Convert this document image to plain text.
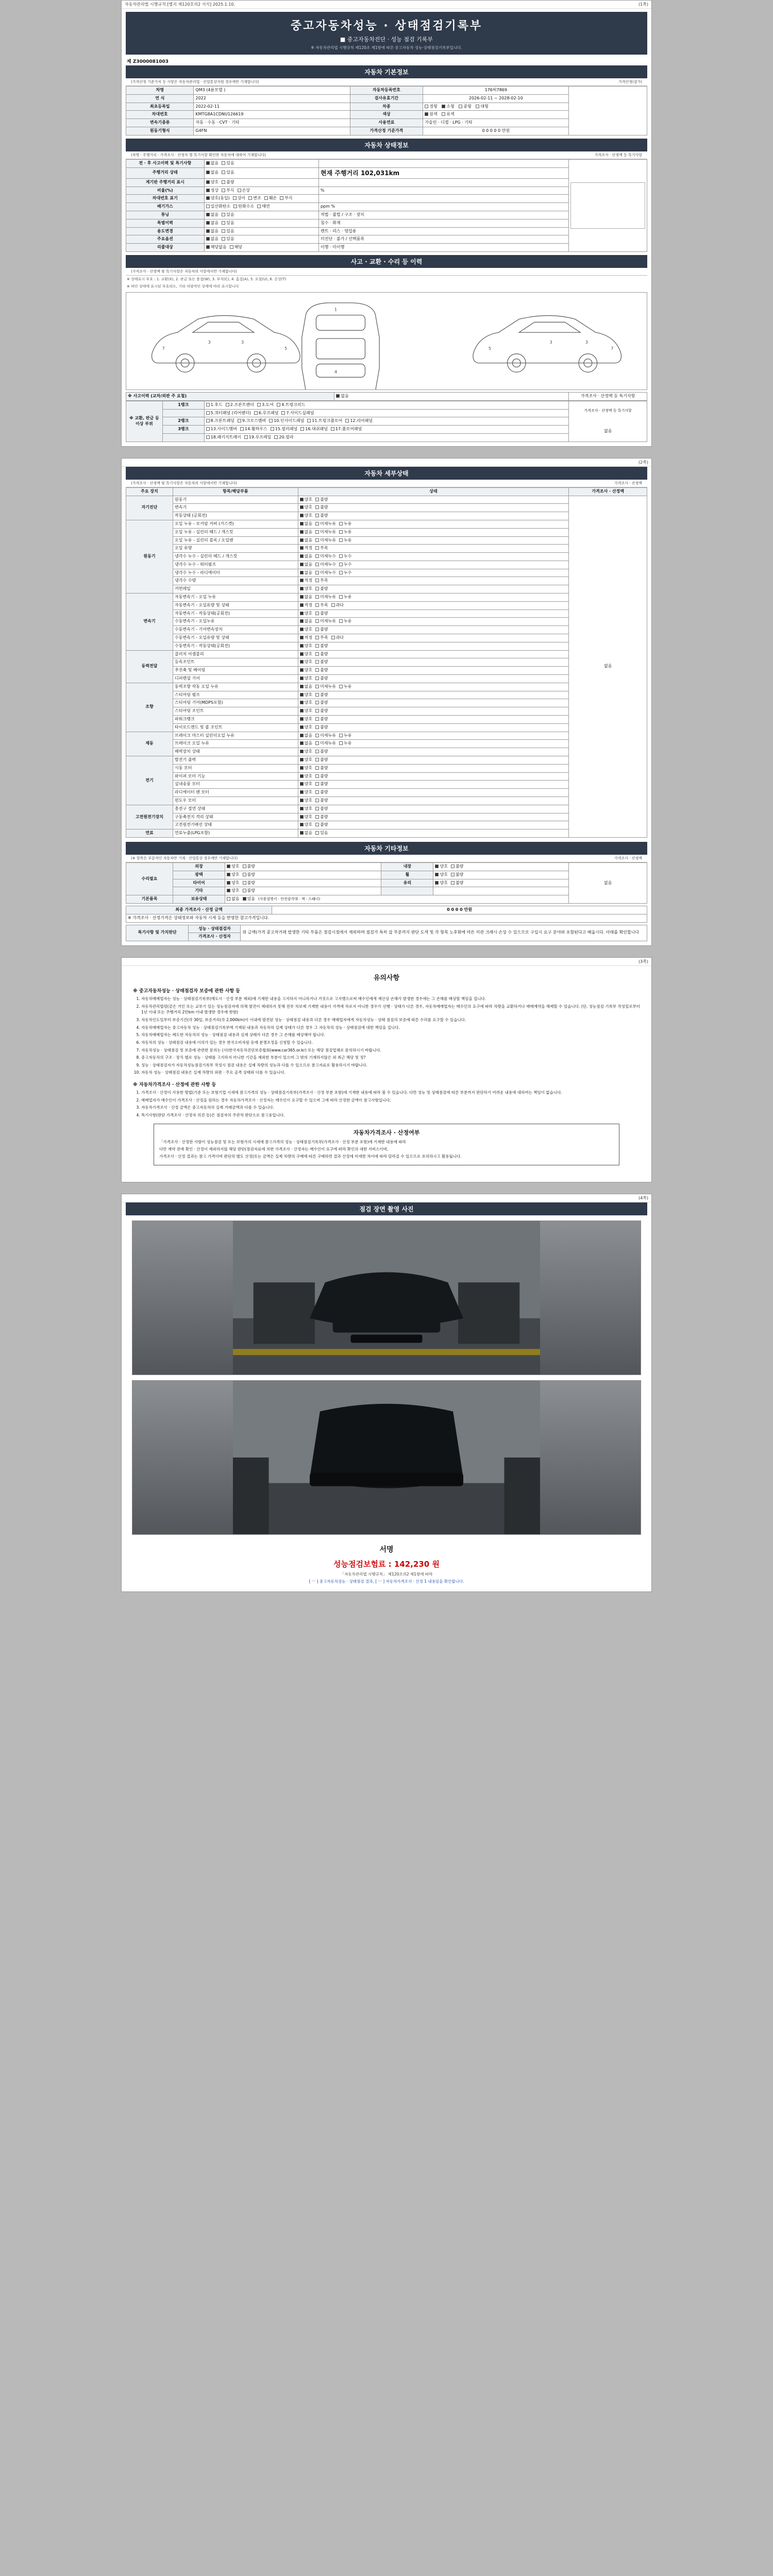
자동차관리법 시행규칙 [별지 제120호의2 서식] 2025.1.10.	(1쪽)
중고자동차성능 · 상태점검기록부
■ 중고자동차진단 · 성능 점검 기록부
※ 자동차관리법 시행규칙 제120조 제1항에 따른 중고자동차 성능·상태점검기록부입니다.
제 Z3000081003
자동차 기본정보
(가격산정 기준가치 등 사항은 자동차관리법 · 산업통상자원 경우에만 기재합니다)	가격산정(감가)
차명	QM3 (4륜모델 )	자동차등록번호	176허7869	
연 식	2022	검사유효기간	2026-02-11 ~ 2028-02-10	
최초등록일	2022-02-11	차종	경형 소형 중형 대형	
차대번호	KMTG8A1CDNU126619	색상	원색 유색	
변속기종류	자동 · 수동 · CVT · 기타	사용연료	가솔린 · 디젤 · LPG · 기타	
원동기형식	G4FN	가격산정 기준가격	0 0 0 0 0 만원	
자동차 상태정보
(차명 · 주행거리 · 가격조사 · 산정자 별 특기사항 확인한 자동차에 대하여 기재합니다)	가격조사 · 산정액 등 특기사항
전 · 후 사고이력 및 특기사항	없음 있음		

주행거리 상태	없음 있음	현재 주행거리 102,031km	
계기판 주행거리 표시	양호 불량		
비율(%)	정상 부식 손상	%	
차대번호 표기	양호(동일) 상이 변조 훼손 부식		
배기가스	일산화탄소 탄화수소 매연	ppm %	
튜닝	없음 있음	적법 · 불법 / 구조 · 장치	
특별이력	없음 있음	침수 · 화재	
용도변경	없음 있음	렌트 · 리스 · 영업용	
주요옵션	없음 있음	미진단 · 불가 / 선택품목	
리콜대상	해당없음 해당	이행 · 미이행	
사고 · 교환 · 수리 등 이력
(가격조사 · 산정액 및 특기사항은 자동차의 사항에서만 기재합니다)
※ 상태표시 부호 : 1. 교환(X), 2. 판금 또는 용접(W), 3. 부식(C), 4. 흠집(A), 5. 요철(U), 6. 손상(T)
※ 하단 상태에 표시된 부호라도, 기타 차량적인 상태에 따라 표시합니다
7
3	3
5
1
4
5
3	3
7
※ 사고이력 (교차/외판 주 요철)	없음	가격조사 · 산정액 등 특기사항
※ 교환, 판금 등 이상 부위	1랭크	1.후드 2.프론트팬더 3.도어 4.트렁크리드	가격조사 · 산정액 등 특기사항
없음

		5.쿼터패널 (리어펜더) 6.루프패널 7.사이드실패널	
	2랭크	8.프론트패널 9.크로스멤버 10.인사이드패널 11.트렁크플로어 12.리어패널	
	3랭크	13.사이드멤버 14.휠하우스 15.필러패널 16.대쉬패널 17.플로어패널	
		18.패키지트레이 19.루프레일 20.필라	
(2쪽)
자동차 세부상태
(가격조사 · 산정액 및 특기사항은 자동차의 사항에서만 기재합니다)	가격조사 · 산정액
주요 장치	항목/해당부품	상태	가격조사 · 산정액
자기진단	원동기	양호 불량	없음
	변속기	양호 불량	
	작동상태 (공회전)	양호 불량	
원동기	오일 누유 - 로커암 커버 (가스켓)	없음 미세누유 누유	
	오일 누유 - 실린더 헤드 / 개스킷	없음 미세누유 누유	
	오일 누유 - 실린더 블록 / 오일팬	없음 미세누유 누유	
	오일 유량	적정 부족	
	냉각수 누수 - 실린더 헤드 / 개스킷	없음 미세누수 누수	
	냉각수 누수 - 워터펌프	없음 미세누수 누수	
	냉각수 누수 - 라디에이터	없음 미세누수 누수	
	냉각수 수량	적정 부족	
	커먼레일	양호 불량	
변속기	자동변속기 - 오일 누유	없음 미세누유 누유	
	자동변속기 - 오일유량 및 상태	적정 부족 과다	
	자동변속기 - 작동상태(공회전)	양호 불량	
	수동변속기 - 오일누유	없음 미세누유 누유	
	수동변속기 - 기어변속장치	양호 불량	
	수동변속기 - 오일유량 및 상태	적정 부족 과다	
	수동변속기 - 작동상태(공회전)	양호 불량	
동력전달	클러치 어셈블리	양호 불량	
	등속조인트	양호 불량	
	추진축 및 베어링	양호 불량	
	디퍼렌셜 기어	양호 불량	
조향	동력조향 작동 오일 누유	없음 미세누유 누유	
	스티어링 펌프	양호 불량	
	스티어링 기어(MDPS포함)	양호 불량	
	스티어링 조인트	양호 불량	
	파워크랭크	양호 불량	
	타이로드엔드 및 볼 조인트	양호 불량	
제동	브레이크 마스터 실린더오일 누유	없음 미세누유 누유	
	브레이크 오일 누유	없음 미세누유 누유	
	배력장치 상태	양호 불량	
전기	발전기 출력	양호 불량	
	시동 모터	양호 불량	
	와이퍼 모터 기능	양호 불량	
	실내송풍 모터	양호 불량	
	라디에이터 팬 모터	양호 불량	
	윈도우 모터	양호 불량	
고전원전기장치	충전구 절연 상태	양호 불량	
	구동축전지 격리 상태	양호 불량	
	고전원전기배선 상태	양호 불량	
연료	연료누출(LPG포함)	없음 있음	
자동차 기타정보
(※ 항목은 부분적인 자동차만 기재 · 산업통상 경우에만 기재합니다)	가격조사 · 산정액
수리필요	외장	양호 불량	내장	양호 불량	없음
	광택	양호 불량	휠	양호 불량	
	타이어	양호 불량	유리	양호 불량	
	기타	양호 불량			
기본품목	보유상태	없음 있음 (사용설명서 · 안전삼각대 · 잭 · 스패너)			
최종 가격조사 · 산정 금액	0 0 0 0 만원
※ 가격조사 · 산정가격은 상태정보와 자동차 시세 등을 반영한 참고가격입니다.
특기사항 및 가치판단	성능 · 상태점검자	위 금액(가격 중고차거래 발생한 기타 부품은 점검시점에서 제외하며 점검가 특히 삽 부분까지 판단 도색 및 각 항목 노후화에 따른 미관 크래시 손상 수 있으므로 구입시 요구 분야와 포함된다고 배웁시다. 아래를 확인합니다
가격조사 · 산정자
(3쪽)
유의사항
※ 중고자동차성능 · 상태점검자 보증에 관한 사항 등
1. 자동차매매업자는 성능 · 상태점검기록부(매도시 · 산정 부분 제외)에 기재한 내용을 고지하지 아니하거나 거짓으로 고지했으로써 매수인에게 재산상 손해가 발생한 경우에는 그 손해를 배상할 책임을 집니다.
2. 자동차관리법령(같은 거인 또는 교부기 있는 성능점검자에 의해 발견이 제대하지 못해 전부 차보제 기재한 내용이 가격에 차로지 아니한 경우가 선행 · 상태가 다른 경우, 자동차매매업자는 매수인의 요구에 따라 차량을 교환하거나 매매계약을 해제할 수 있습니다. (단, 성능점검 기록부 작성일로부터 1년 이내 또는 주행거리 2만km 이내 발생한 경우에 한함)
3. 자동차인도일부터 보증기간(각 30일, 보증거리(각 2,000km)이 이내에 발견된 성능 · 상태점검 내용과 다른 경우 매매업자에게 자동차성능 · 상태 점검의 보증에 따른 수리를 요구할 수 있습니다.
4. 자동차매매업자는 중고자동차 성능 · 상태점검기록부에 기재된 내용과 자동차의 실제 상태가 다른 경우 그 자동차의 성능 · 상태점검에 대한 책임을 집니다.
5. 자동차매매업자는 매도한 자동차의 성능 · 상태점검 내용과 실제 상태가 다른 경우 그 손해를 배상해야 합니다.
6. 자동차의 성능 · 상태점검 내용에 이의가 있는 경우 한국소비자원 등에 분쟁조정을 신청할 수 있습니다.
7. 자동차성능 · 상태점검 및 보증에 관련한 문의는 (사)한국자동차진단보증협회(www.car365.or.kr) 또는 해당 점검업체로 문의하시기 바랍니다.
8. 중고자동차의 구조 · 장치 별로 성능 · 상태를 고지하지 아니한 기간을 제외한 부분이 있으며 그 밖의 기재하지않은 외 최근 해당 및 정?
9. 성능 · 상태점검자가 자동차성능점검기록부 작성시 점검 내용은 실제 차량의 성능과 다를 수 있으므로 참고자료로 활용하시기 바랍니다.
10. 자동차 성능 · 상태점검 내용은 실제 차량의 외판 · 주요 골격 상태와 다를 수 있습니다.
※ 자동차가격조사 · 산정에 관한 사항 등
1. 가격조사 · 산정이 사용한 방법(기준 또는 보험기업 시세에 참고가격의 성능 · 상태점검기록부(가격조사 · 산정 부분 포함)에 기재한 내용에 따라 볼 수 있습니다. 다만 성능 및 상태점검에 따른 부분까지 판단하기 어려운 내용에 대하여는 책임이 없습니다.
2. 매매업자가 매수인이 가격조사 · 산정을 원하는 경우 자동차가격조사 · 산정자는 매수인이 요구할 수 있으며 그에 따라 산정한 금액이 참고사항입니다.
3. 자동차가격조사 · 산정 금액은 중고자동차의 실제 거래금액과 다를 수 있습니다.
4. 특기사항(판단 가격조사 · 산정자 의견 등)은 점검자의 주관적 판단으로 참고용입니다.
자동차가격조사 · 산정여부

「가격조사 · 산정한 사람이 성능점검 및 또는 보험가의 시세에 참고가격의 성능 · 상태점검기록부(가격조사 · 산정 부분 포함)에 기재한 내용에 따라

다만 계약 전에 확인 · 산정이 제외하지않 해당 판단(점검자료에 의한 가격조사 · 산정자는 매수인이 요구에 따라 확인의 대한 서비스이며,

가격조사 · 산정 결과는 참고 가격이며 판단의 별도 산정(또는 금액은 실제 차량의 구매에 따른 구매하면 결과 산정에 미세한 차이에 따라 달라질 수 있으므로 유의하시고 활용됩니다.

(4쪽)
점검 장면 촬영 사진
서명
성능점검보험료 : 142,230 원
「자동차관리법 시행규칙」 제120조의2 제1항에 따라
[ ㅡ ] 중고자동차성능 · 상태점검 결과, [ ㅡ ] 자동차가격조사 · 산정 1 내용임을 확인합니다.
